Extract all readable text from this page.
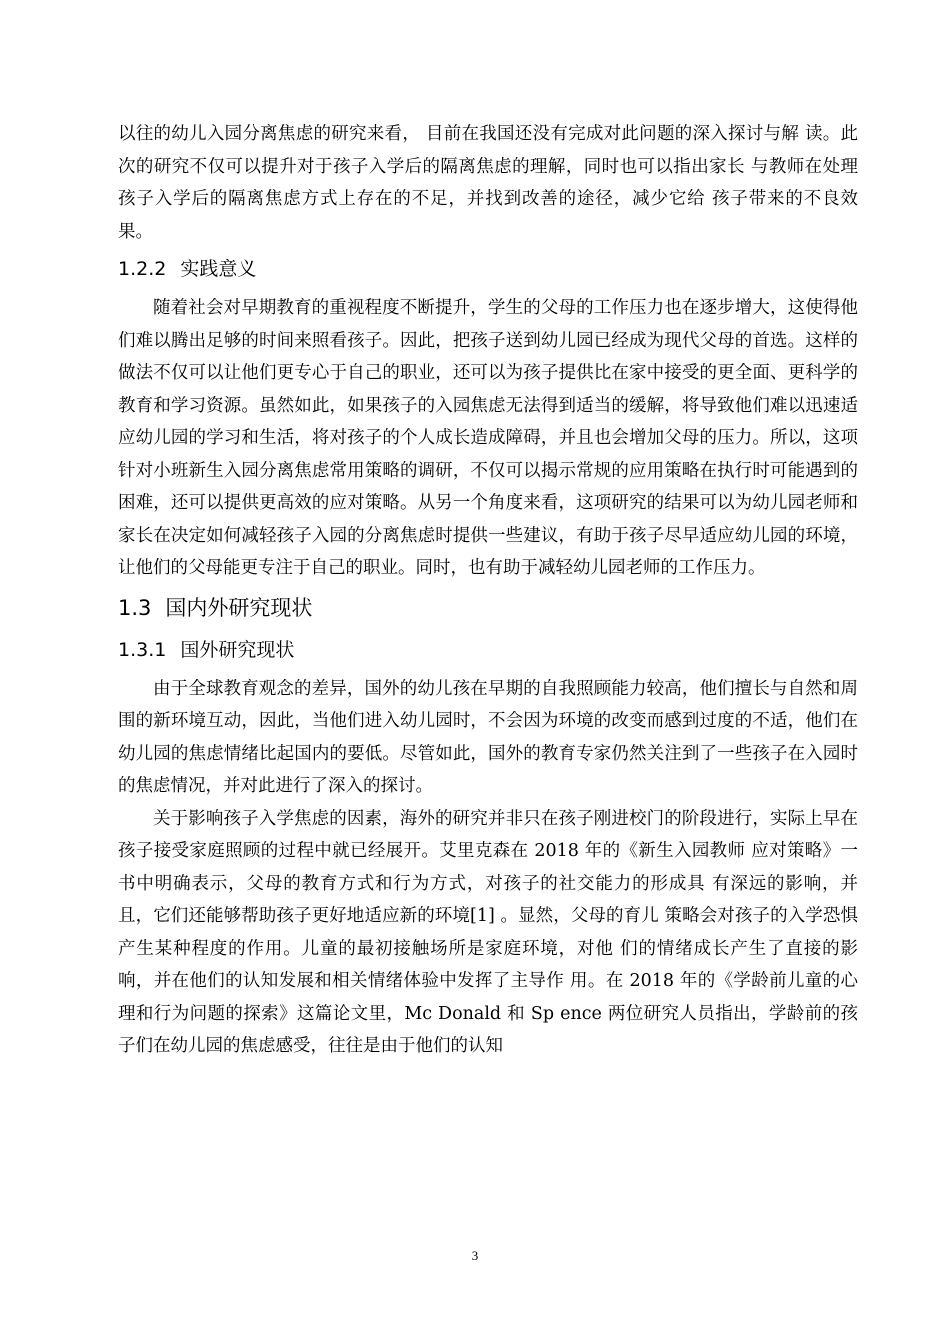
以往的幼儿入园分离焦虑的研究来看， 目前在我国还没有完成对此问题的深入探讨与解 读。此次的研究不仅可以提升对于孩子入学后的隔离焦虑的理解，同时也可以指出家长 与教师在处理孩子入学后的隔离焦虑方式上存在的不足，并找到改善的途径，减少它给 孩子带来的不良效果。

1.2.2 实践意义

随着社会对早期教育的重视程度不断提升，学生的父母的工作压力也在逐步增大，这使得他们难以腾出足够的时间来照看孩子。因此，把孩子送到幼儿园已经成为现代父母的首选。这样的做法不仅可以让他们更专心于自己的职业，还可以为孩子提供比在家中接受的更全面、更科学的教育和学习资源。虽然如此，如果孩子的入园焦虑无法得到适当的缓解，将导致他们难以迅速适应幼儿园的学习和生活，将对孩子的个人成长造成障碍，并且也会增加父母的压力。所以，这项针对小班新生入园分离焦虑常用策略的调研，不仅可以揭示常规的应用策略在执行时可能遇到的困难，还可以提供更高效的应对策略。从另一个角度来看，这项研究的结果可以为幼儿园老师和家长在决定如何减轻孩子入园的分离焦虑时提供一些建议，有助于孩子尽早适应幼儿园的环境，让他们的父母能更专注于自己的职业。同时，也有助于减轻幼儿园老师的工作压力。

1.3 国内外研究现状
1.3.1 国外研究现状

由于全球教育观念的差异，国外的幼儿孩在早期的自我照顾能力较高，他们擅长与自然和周围的新环境互动，因此，当他们进入幼儿园时，不会因为环境的改变而感到过度的不适，他们在幼儿园的焦虑情绪比起国内的要低。尽管如此，国外的教育专家仍然关注到了一些孩子在入园时的焦虑情况，并对此进行了深入的探讨。

关于影响孩子入学焦虑的因素，海外的研究并非只在孩子刚进校门的阶段进行，实际上早在孩子接受家庭照顾的过程中就已经展开。艾里克森在 2018 年的《新生入园教师 应对策略》一书中明确表示，父母的教育方式和行为方式，对孩子的社交能力的形成具 有深远的影响，并且，它们还能够帮助孩子更好地适应新的环境[1] 。显然，父母的育儿 策略会对孩子的入学恐惧产生某种程度的作用。儿童的最初接触场所是家庭环境，对他 们的情绪成长产生了直接的影响，并在他们的认知发展和相关情绪体验中发挥了主导作 用。在 2018 年的《学龄前儿童的心理和行为问题的探索》这篇论文里，Mc Donald 和 Sp ence 两位研究人员指出，学龄前的孩子们在幼儿园的焦虑感受，往往是由于他们的认知

3
